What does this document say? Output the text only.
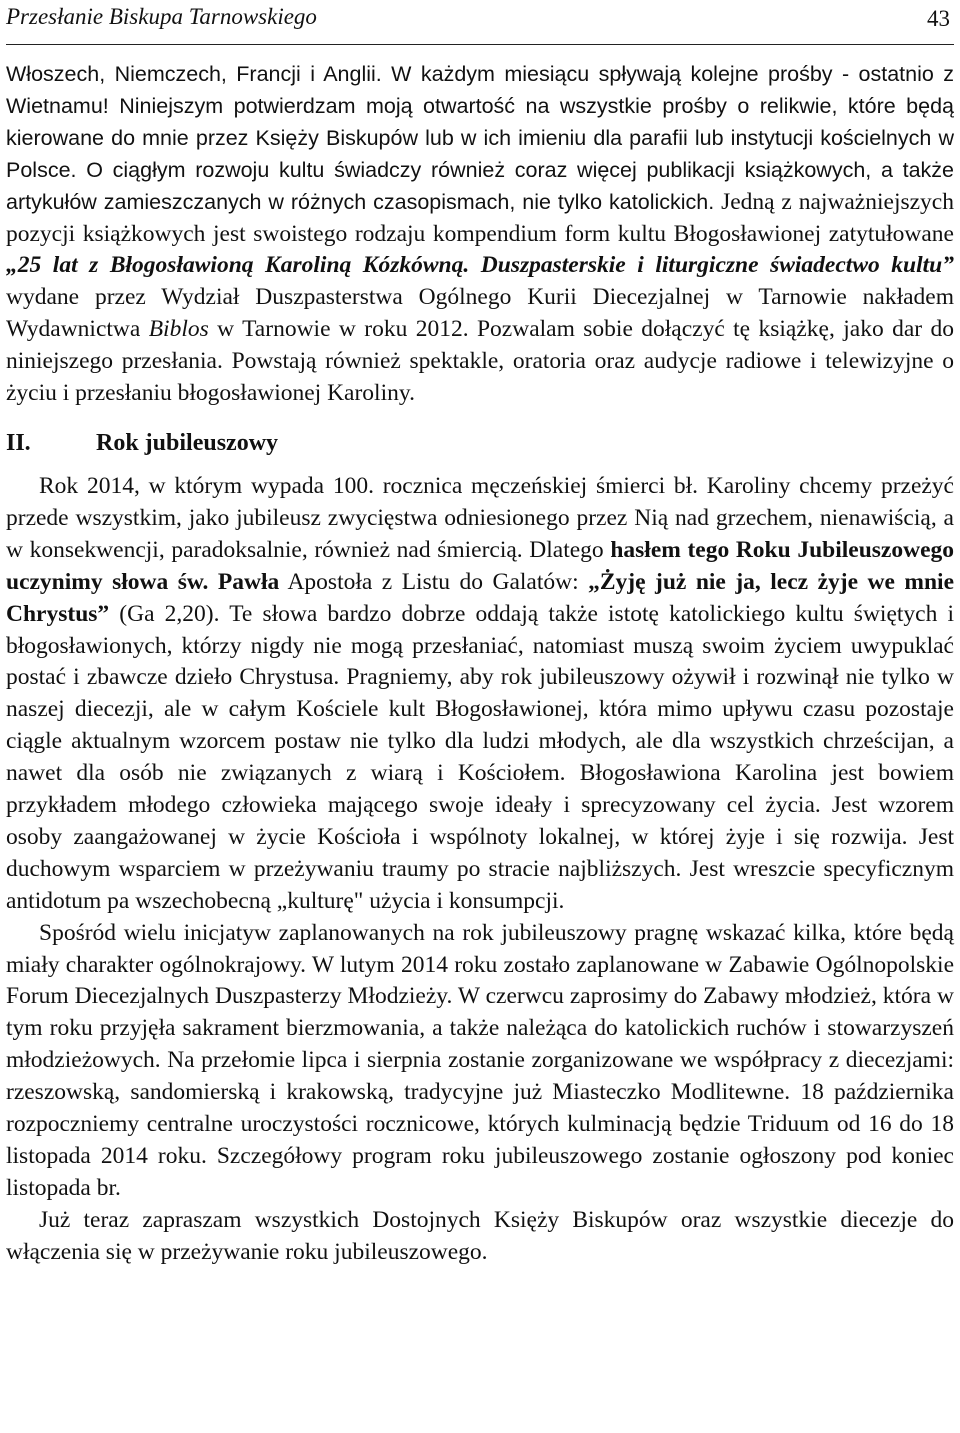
Przesłanie Biskupa Tarnowskiego	43

Włoszech, Niemczech, Francji i Anglii. W każdym miesiącu spływają kolejne prośby - ostatnio z Wietnamu! Niniejszym potwierdzam moją otwartość na wszystkie prośby o relikwie, które będą kierowane do mnie przez Księży Biskupów lub w ich imieniu dla parafii lub instytucji kościelnych w Polsce. O ciągłym rozwoju kultu świadczy również coraz więcej publikacji książkowych, a także artykułów zamieszczanych w różnych czasopismach, nie tylko katolickich. Jedną z najważniejszych pozycji książkowych jest swoistego rodzaju kompendium form kultu Błogosławionej zatytułowane „25 lat z Błogosławioną Karoliną Kózkówną. Duszpasterskie i liturgiczne świadectwo kultu” wydane przez Wydział Duszpasterstwa Ogólnego Kurii Diecezjalnej w Tarnowie nakładem Wydawnictwa Biblos w Tarnowie w roku 2012. Pozwalam sobie dołączyć tę książkę, jako dar do niniejszego przesłania. Powstają również spektakle, oratoria oraz audycje radiowe i telewizyjne o życiu i przesłaniu błogosławionej Karoliny.

II.	Rok jubileuszowy

Rok 2014, w którym wypada 100. rocznica męczeńskiej śmierci bł. Karoliny chcemy przeżyć przede wszystkim, jako jubileusz zwycięstwa odniesionego przez Nią nad grzechem, nienawiścią, a w konsekwencji, paradoksalnie, również nad śmiercią. Dlatego hasłem tego Roku Jubileuszowego uczynimy słowa św. Pawła Apostoła z Listu do Galatów: „Żyję już nie ja, lecz żyje we mnie Chrystus” (Ga 2,20). Te słowa bardzo dobrze oddają także istotę katolickiego kultu świętych i błogosławionych, którzy nigdy nie mogą przesłaniać, natomiast muszą swoim życiem uwypuklać postać i zbawcze dzieło Chrystusa. Pragniemy, aby rok jubileuszowy ożywił i rozwinął nie tylko w naszej diecezji, ale w całym Kościele kult Błogosławionej, która mimo upływu czasu pozostaje ciągle aktualnym wzorcem postaw nie tylko dla ludzi młodych, ale dla wszystkich chrześcijan, a nawet dla osób nie związanych z wiarą i Kościołem. Błogosławiona Karolina jest bowiem przykładem młodego człowieka mającego swoje ideały i sprecyzowany cel życia. Jest wzorem osoby zaangażowanej w życie Kościoła i wspólnoty lokalnej, w której żyje i się rozwija. Jest duchowym wsparciem w przeżywaniu traumy po stracie najbliższych. Jest wreszcie specyficznym antidotum pa wszechobecną „kulturę" użycia i konsumpcji.

Spośród wielu inicjatyw zaplanowanych na rok jubileuszowy pragnę wskazać kilka, które będą miały charakter ogólnokrajowy. W lutym 2014 roku zostało zaplanowane w Zabawie Ogólnopolskie Forum Diecezjalnych Duszpasterzy Młodzieży. W czerwcu zaprosimy do Zabawy młodzież, która w tym roku przyjęła sakrament bierzmowania, a także należąca do katolickich ruchów i stowarzyszeń młodzieżowych. Na przełomie lipca i sierpnia zostanie zorganizowane we współpracy z diecezjami: rzeszowską, sandomierską i krakowską, tradycyjne już Miasteczko Modlitewne. 18 października rozpoczniemy centralne uroczystości rocznicowe, których kulminacją będzie Triduum od 16 do 18 listopada 2014 roku. Szczegółowy program roku jubileuszowego zostanie ogłoszony pod koniec listopada br.

Już teraz zapraszam wszystkich Dostojnych Księży Biskupów oraz wszystkie diecezje do włączenia się w przeżywanie roku jubileuszowego.
